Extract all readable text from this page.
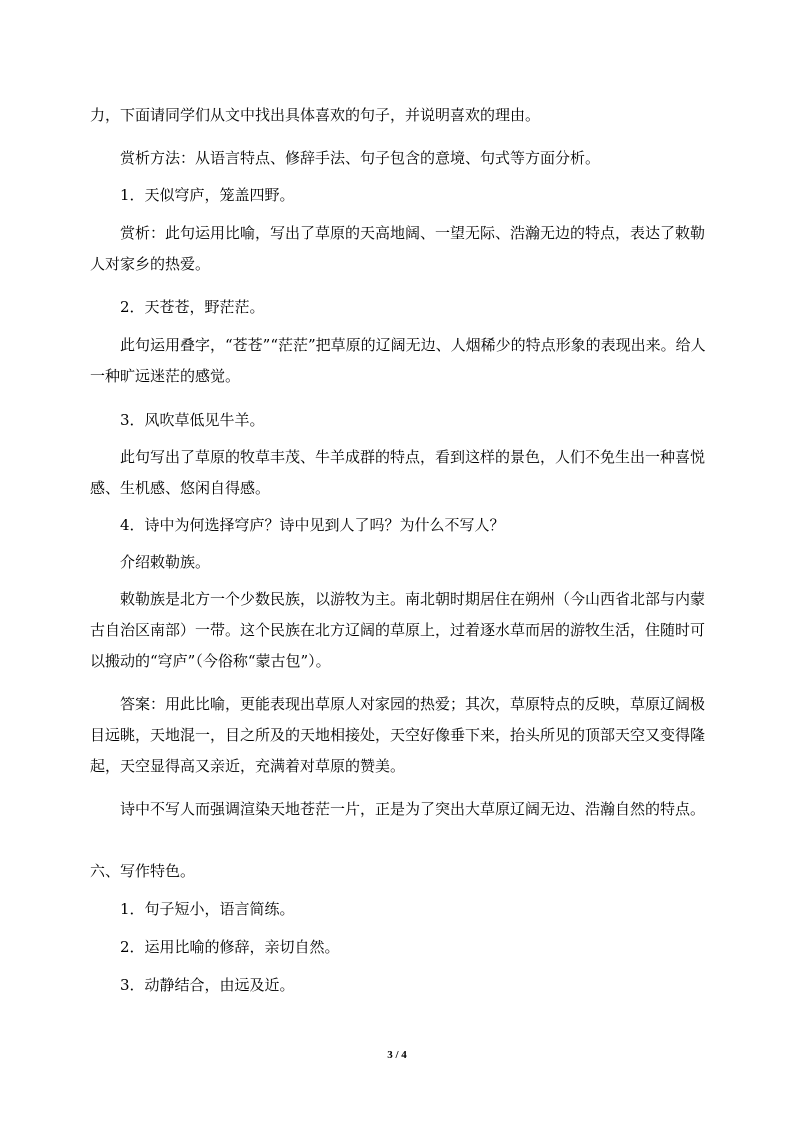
力，下面请同学们从文中找出具体喜欢的句子，并说明喜欢的理由。

赏析方法：从语言特点、修辞手法、句子包含的意境、句式等方面分析。

1．天似穹庐，笼盖四野。

赏析：此句运用比喻，写出了草原的天高地阔、一望无际、浩瀚无边的特点，表达了敕勒人对家乡的热爱。

2．天苍苍，野茫茫。

此句运用叠字，“苍苍”“茫茫”把草原的辽阔无边、人烟稀少的特点形象的表现出来。给人一种旷远迷茫的感觉。

3．风吹草低见牛羊。

此句写出了草原的牧草丰茂、牛羊成群的特点，看到这样的景色，人们不免生出一种喜悦感、生机感、悠闲自得感。

4．诗中为何选择穹庐？诗中见到人了吗？为什么不写人？

介绍敕勒族。

敕勒族是北方一个少数民族，以游牧为主。南北朝时期居住在朔州（今山西省北部与内蒙古自治区南部）一带。这个民族在北方辽阔的草原上，过着逐水草而居的游牧生活，住随时可以搬动的“穹庐”（今俗称“蒙古包”）。

答案：用此比喻，更能表现出草原人对家园的热爱；其次，草原特点的反映，草原辽阔极目远眺，天地混一，目之所及的天地相接处，天空好像垂下来，抬头所见的顶部天空又变得隆起，天空显得高又亲近，充满着对草原的赞美。

诗中不写人而强调渲染天地苍茫一片，正是为了突出大草原辽阔无边、浩瀚自然的特点。

六、写作特色。

1．句子短小，语言简练。

2．运用比喻的修辞，亲切自然。

3．动静结合，由远及近。

3 / 4
